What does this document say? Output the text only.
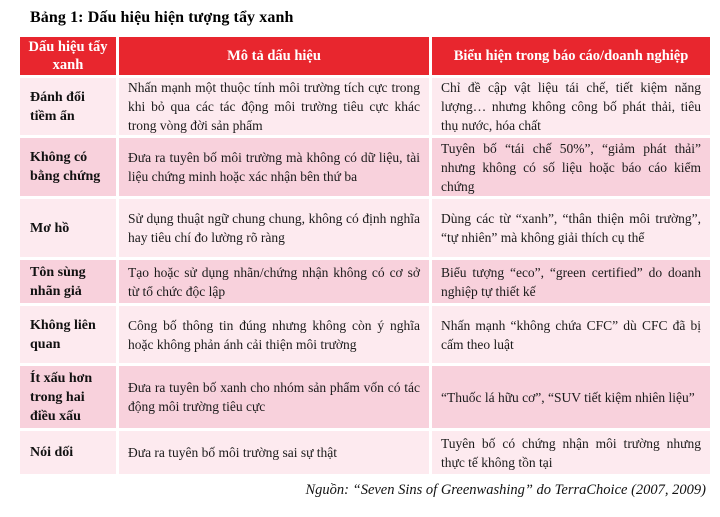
Bảng 1: Dấu hiệu hiện tượng tẩy xanh
Dấu hiệu tẩy xanh
Mô tả dấu hiệu	Biểu hiện trong báo cáo/doanh nghiệp
Đánh đổi tiềm ẩn
Nhấn mạnh một thuộc tính môi trường tích cực trong khi bỏ qua các tác động môi trường tiêu cực khác trong vòng đời sản phẩm
Chỉ đề cập vật liệu tái chế, tiết kiệm năng lượng… nhưng không công bố phát thải, tiêu thụ nước, hóa chất
Không có bằng chứng
Đưa ra tuyên bố môi trường mà không có dữ liệu, tài liệu chứng minh hoặc xác nhận bên thứ ba
Tuyên bố “tái chế 50%”, “giảm phát thải” nhưng không có số liệu hoặc báo cáo kiểm chứng
Mơ hồ
Sử dụng thuật ngữ chung chung, không có định nghĩa hay tiêu chí đo lường rõ ràng
Dùng các từ “xanh”, “thân thiện môi trường”, “tự nhiên” mà không giải thích cụ thể
Tôn sùng nhãn giả
Tạo hoặc sử dụng nhãn/chứng nhận không có cơ sở từ tổ chức độc lập
Biểu tượng “eco”, “green certified” do doanh nghiệp tự thiết kế
Không liên quan
Công bố thông tin đúng nhưng không còn ý nghĩa hoặc không phản ánh cải thiện môi trường
Nhấn mạnh “không chứa CFC” dù CFC đã bị cấm theo luật
Ít xấu hơn trong hai điều xấu
Đưa ra tuyên bố xanh cho nhóm sản phẩm vốn có tác động môi trường tiêu cực
“Thuốc lá hữu cơ”, “SUV tiết kiệm nhiên liệu”
Nói dối	Đưa ra tuyên bố môi trường sai sự thật
Tuyên bố có chứng nhận môi trường nhưng thực tế không tồn tại
Nguồn: “Seven Sins of Greenwashing” do TerraChoice (2007, 2009)
